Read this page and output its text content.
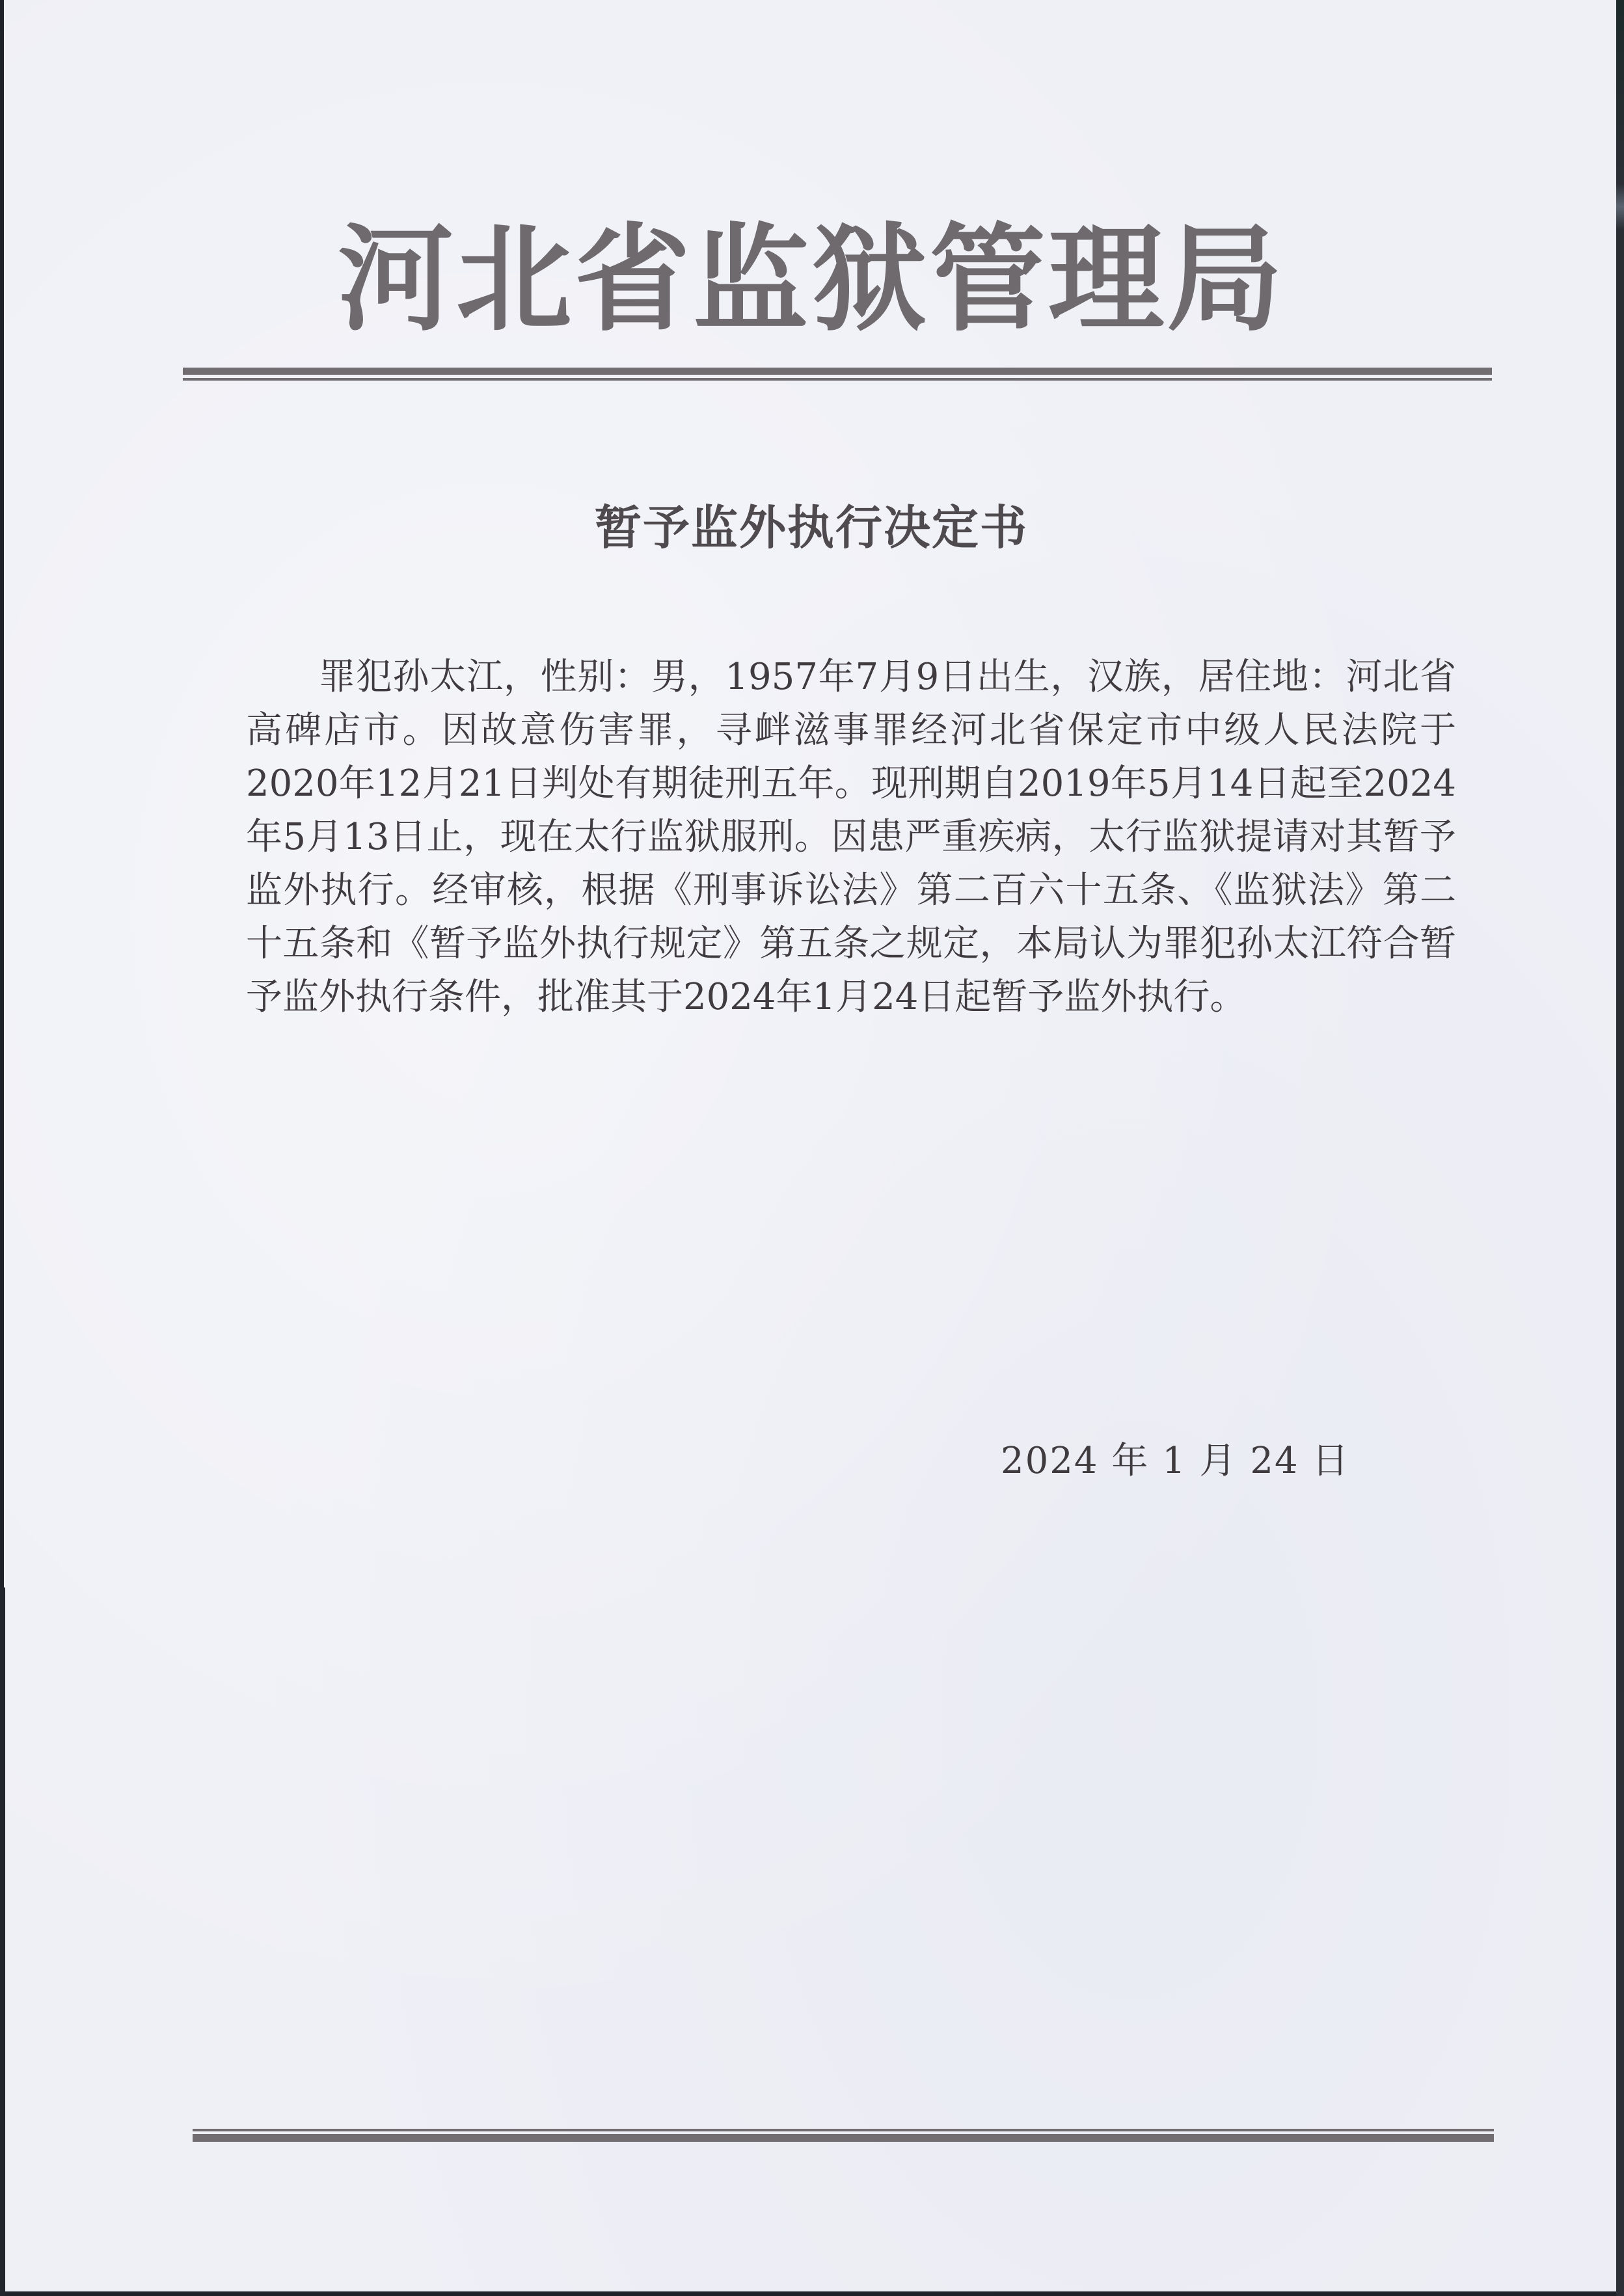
河北省监狱管理局
暂予监外执行决定书

罪犯孙太江，性别：男，1957年7月9日出生，汉族，居住地：河北省高碑店市。因故意伤害罪，寻衅滋事罪经河北省保定市中级人民法院于2020年12月21日判处有期徒刑五年。现刑期自2019年5月14日起至2024年5月13日止，现在太行监狱服刑。因患严重疾病，太行监狱提请对其暂予监外执行。经审核，根据《刑事诉讼法》第二百六十五条、《监狱法》第二十五条和《暂予监外执行规定》第五条之规定，本局认为罪犯孙太江符合暂予监外执行条件，批准其于2024年1月24日起暂予监外执行。

2024 年 1 月 24 日
